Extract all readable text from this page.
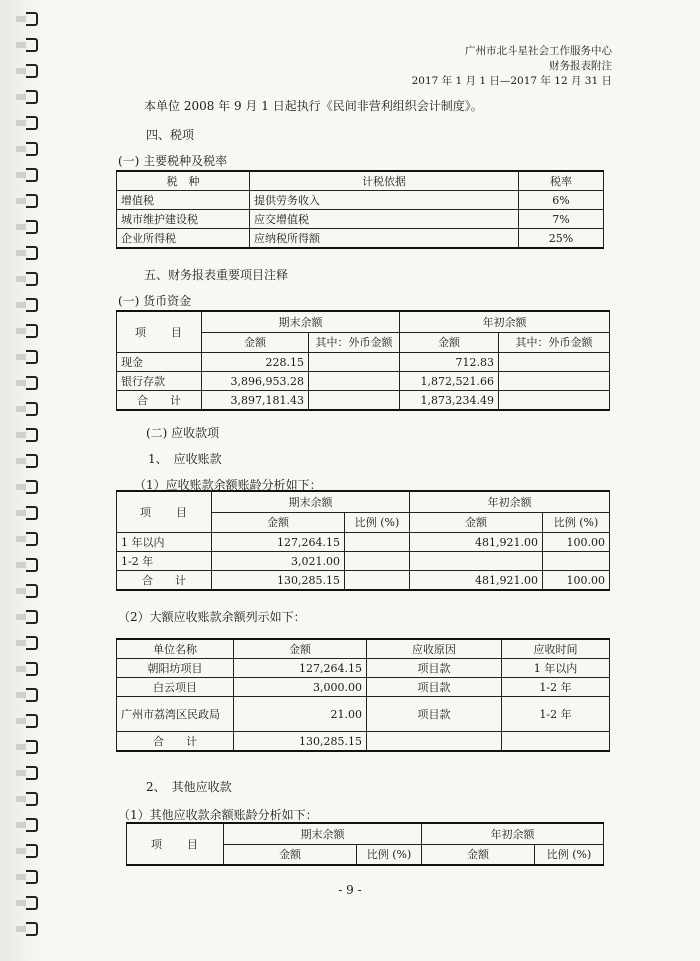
广州市北斗星社会工作服务中心
财务报表附注
2017 年 1 月 1 日—2017 年 12 月 31 日
本单位 2008 年 9 月 1 日起执行《民间非营利组织会计制度》。
四、税项
(一) 主要税种及税率
税　种	计税依据	税率
增值税	提供劳务收入	6%
城市维护建设税	应交增值税	7%
企业所得税	应纳税所得额	25%
五、财务报表重要项目注释
(一) 货币资金
项　　目	期末余额		年初余额	
	金额	其中：外币金额	金额	其中：外币金额
现金	228.15		712.83	
银行存款	3,896,953.28		1,872,521.66	
合　　计	3,897,181.43		1,873,234.49	
(二) 应收款项
1、　应收账款
（1）应收账款余额账龄分析如下：
项　　目	期末余额		年初余额	
	金额	比例 (%)	金额	比例 (%)
1 年以内	127,264.15		481,921.00	100.00
1-2 年	3,021.00			
合　　计	130,285.15		481,921.00	100.00
（2）大额应收账款余额列示如下：
单位名称	金额	应收原因	应收时间
朝阳坊项目	127,264.15	项目款	1 年以内
白云项目	3,000.00	项目款	1-2 年
广州市荔湾区民政局	21.00	项目款	1-2 年
合　　计	130,285.15		
2、　其他应收款
（1）其他应收款余额账龄分析如下：
项　　目	期末余额		年初余额	
	金额	比例 (%)	金额	比例 (%)
- 9 -
